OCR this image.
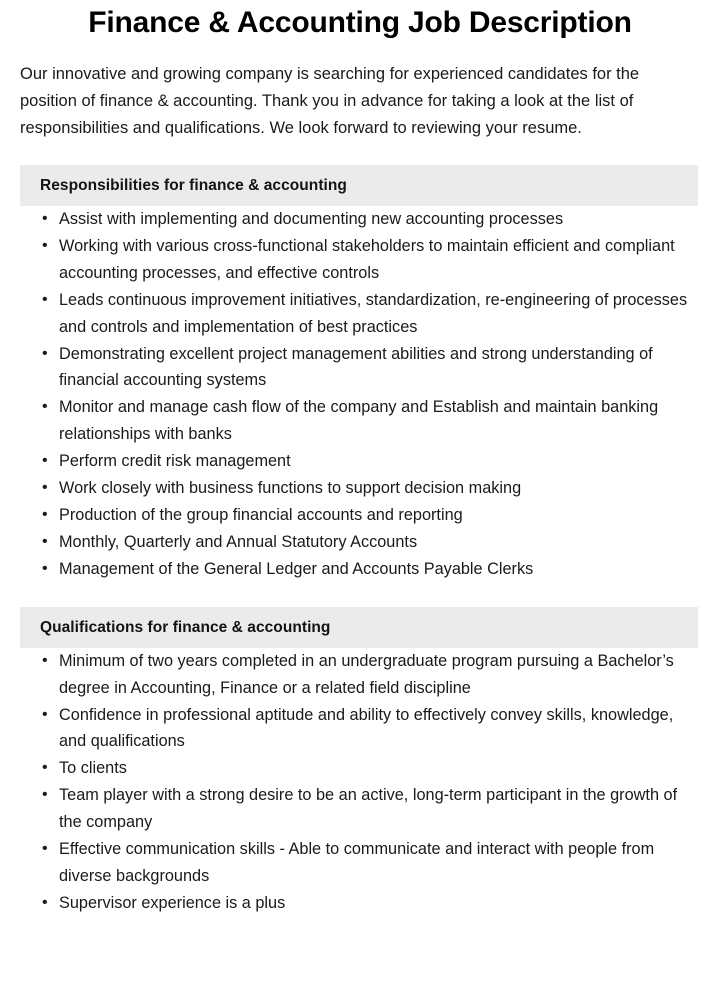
Finance & Accounting Job Description

Our innovative and growing company is searching for experienced candidates for the position of finance & accounting. Thank you in advance for taking a look at the list of responsibilities and qualifications. We look forward to reviewing your resume.

Responsibilities for finance & accounting
• Assist with implementing and documenting new accounting processes
• Working with various cross-functional stakeholders to maintain efficient and compliant accounting processes, and effective controls
• Leads continuous improvement initiatives, standardization, re-engineering of processes and controls and implementation of best practices
• Demonstrating excellent project management abilities and strong understanding of financial accounting systems
• Monitor and manage cash flow of the company and Establish and maintain banking relationships with banks
• Perform credit risk management
• Work closely with business functions to support decision making
• Production of the group financial accounts and reporting
• Monthly, Quarterly and Annual Statutory Accounts
• Management of the General Ledger and Accounts Payable Clerks
Qualifications for finance & accounting
• Minimum of two years completed in an undergraduate program pursuing a Bachelor’s degree in Accounting, Finance or a related field discipline
• Confidence in professional aptitude and ability to effectively convey skills, knowledge, and qualifications
• To clients
• Team player with a strong desire to be an active, long-term participant in the growth of the company
• Effective communication skills - Able to communicate and interact with people from diverse backgrounds
• Supervisor experience is a plus
